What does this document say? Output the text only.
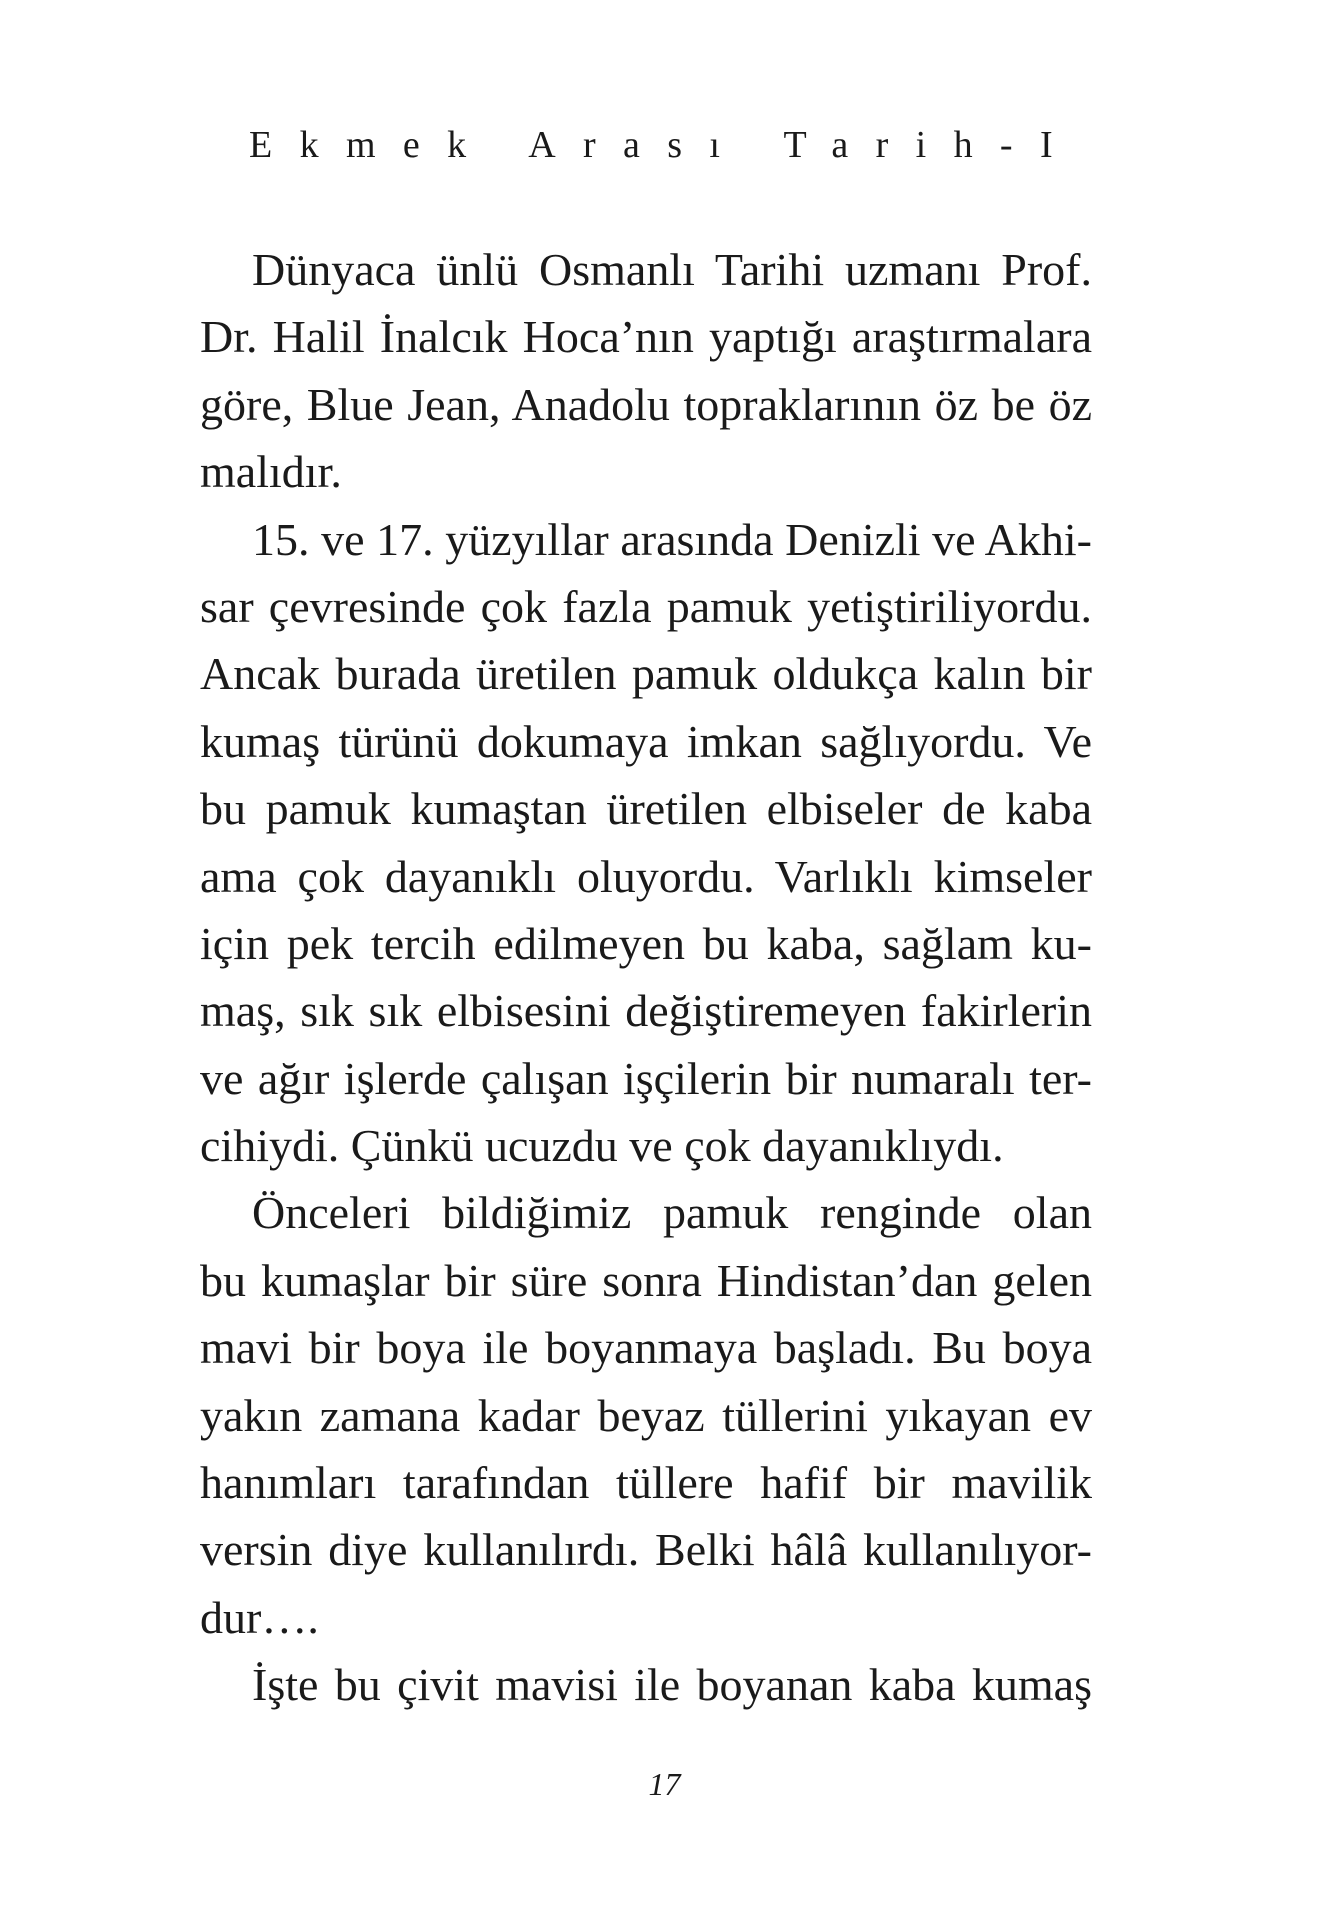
Ekmek Arası Tarih-I

Dünyaca ünlü Osmanlı Tarihi uzmanı Prof.
Dr. Halil İnalcık Hoca’nın yaptığı araştırmalara
göre, Blue Jean, Anadolu topraklarının öz be öz
malıdır.

15. ve 17. yüzyıllar arasında Denizli ve Akhi-
sar çevresinde çok fazla pamuk yetiştiriliyordu.
Ancak burada üretilen pamuk oldukça kalın bir
kumaş türünü dokumaya imkan sağlıyordu. Ve
bu pamuk kumaştan üretilen elbiseler de kaba
ama çok dayanıklı oluyordu. Varlıklı kimseler
için pek tercih edilmeyen bu kaba, sağlam ku-
maş, sık sık elbisesini değiştiremeyen fakirlerin
ve ağır işlerde çalışan işçilerin bir numaralı ter-
cihiydi. Çünkü ucuzdu ve çok dayanıklıydı.

Önceleri bildiğimiz pamuk renginde olan
bu kumaşlar bir süre sonra Hindistan’dan gelen
mavi bir boya ile boyanmaya başladı. Bu boya
yakın zamana kadar beyaz tüllerini yıkayan ev
hanımları tarafından tüllere hafif bir mavilik
versin diye kullanılırdı. Belki hâlâ kullanılıyor-
dur….

İşte bu çivit mavisi ile boyanan kaba kumaş

17
